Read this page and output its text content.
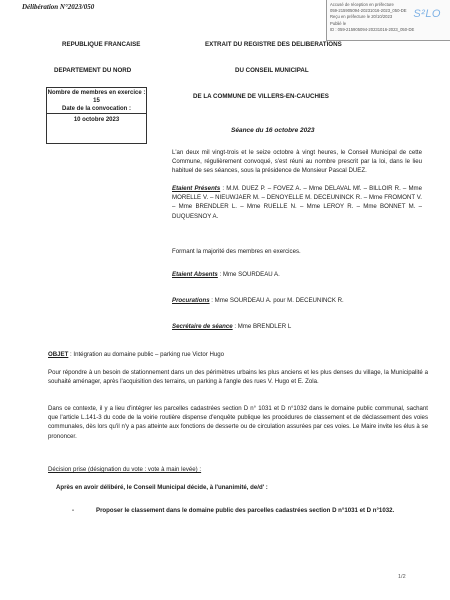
Délibération N°2023/050	Accusé de réception en préfecture
059-215905094-20231016-2023_050-DE
Reçu en préfecture le 20/10/2023
Publié le
ID : 059-215905094-20231016-2023_050-DE
S²LO
REPUBLIQUE FRANCAISE
DEPARTEMENT DU NORD
Nombre de membres en exercice : 15
Date de la convocation :
10 octobre 2023
EXTRAIT DU REGISTRE DES DELIBERATIONS
DU CONSEIL MUNICIPAL
DE LA COMMUNE DE VILLERS-EN-CAUCHIES
Séance du 16 octobre 2023
L'an deux mil vingt-trois et le seize octobre à vingt heures, le Conseil Municipal de cette Commune, régulièrement convoqué, s'est réuni au nombre prescrit par la loi, dans le lieu habituel de ses séances, sous la présidence de Monsieur Pascal DUEZ.
Etaient Présents : M.M. DUEZ P. – FOVEZ A. – Mme DELAVAL Mf. – BILLOIR R. – Mme MORELLE V. – NIEUWJAER M. – DENOYELLE M. DECEUNINCK R. – Mme FROMONT V. – Mme BRENDLER L. – Mme RUELLE N. – Mme LEROY R. – Mme BONNET M. – DUQUESNOY A.
Formant la majorité des membres en exercices.
Etaient Absents : Mme SOURDEAU A.
Procurations : Mme SOURDEAU A. pour M. DECEUNINCK R.
Secrétaire de séance : Mme BRENDLER L
OBJET : Intégration au domaine public – parking rue Victor Hugo
Pour répondre à un besoin de stationnement dans un des périmètres urbains les plus anciens et les plus denses du village, la Municipalité a souhaité aménager, après l'acquisition des terrains, un parking à l'angle des rues V. Hugo et E. Zola.
Dans ce contexte, il y a lieu d'intégrer les parcelles cadastrées section D n° 1031 et D n°1032 dans le domaine public communal, sachant que l'article L.141-3 du code de la voirie routière dispense d'enquête publique les procédures de classement et de déclassement des voies communales, dès lors qu'il n'y a pas atteinte aux fonctions de desserte ou de circulation assurées par ces voies. Le Maire invite les élus à se prononcer.
Décision prise (désignation du vote : vote à main levée) :
Après en avoir délibéré, le Conseil Municipal décide, à l'unanimité, de/d' :
-	Proposer le classement dans le domaine public des parcelles cadastrées section D n°1031 et D n°1032.
1/2
